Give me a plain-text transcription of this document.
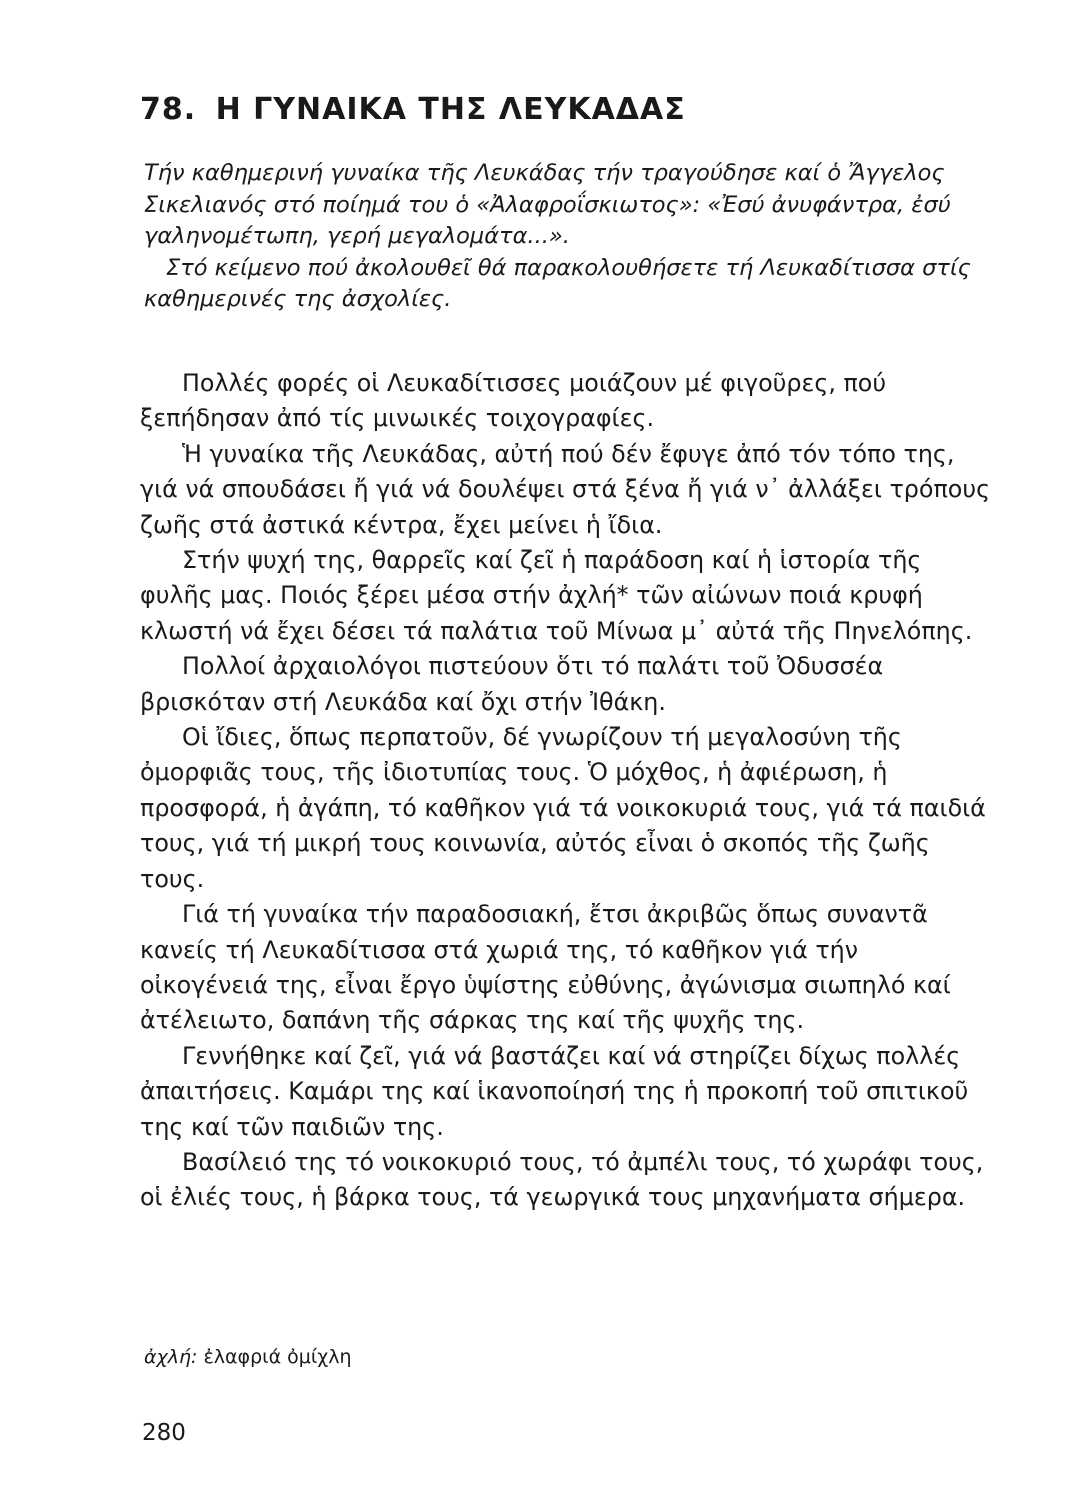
78. Η ΓΥΝΑΙΚΑ ΤΗΣ ΛΕΥΚΑΔΑΣ

Τήν καθημερινή γυναίκα τῆς Λευκάδας τήν τραγούδησε καί ὁ Ἄγγελος Σικελιανός στό ποίημά του ὁ «Ἀλαφροΐσκιωτος»: «Ἐσύ ἀνυφάντρα, ἐσύ γαληνομέτωπη, γερή μεγαλομάτα...».

Στό κείμενο πού ἀκολουθεῖ θά παρακολουθήσετε τή Λευκαδίτισσα στίς καθημερινές της ἀσχολίες.

Πολλές φορές οἱ Λευκαδίτισσες μοιάζουν μέ φιγοῦρες, πού ξεπήδησαν ἀπό τίς μινωικές τοιχογραφίες.

Ἡ γυναίκα τῆς Λευκάδας, αὐτή πού δέν ἔφυγε ἀπό τόν τόπο της, γιά νά σπουδάσει ἤ γιά νά δουλέψει στά ξένα ἤ γιά ν᾽ ἀλλάξει τρόπους ζωῆς στά ἀστικά κέντρα, ἔχει μείνει ἡ ἴδια.

Στήν ψυχή της, θαρρεῖς καί ζεῖ ἡ παράδοση καί ἡ ἱστορία τῆς φυλῆς μας. Ποιός ξέρει μέσα στήν ἀχλή* τῶν αἰώνων ποιά κρυφή κλωστή νά ἔχει δέσει τά παλάτια τοῦ Μίνωα μ᾽ αὐτά τῆς Πηνελόπης.

Πολλοί ἀρχαιολόγοι πιστεύουν ὅτι τό παλάτι τοῦ Ὀδυσσέα βρισκόταν στή Λευκάδα καί ὄχι στήν Ἰθάκη.

Οἱ ἴδιες, ὅπως περπατοῦν, δέ γνωρίζουν τή μεγαλοσύνη τῆς ὀμορφιᾶς τους, τῆς ἰδιοτυπίας τους. Ὁ μόχθος, ἡ ἀφιέρωση, ἡ προσφορά, ἡ ἀγάπη, τό καθῆκον γιά τά νοικοκυριά τους, γιά τά παιδιά τους, γιά τή μικρή τους κοινωνία, αὐτός εἶναι ὁ σκοπός τῆς ζωῆς τους.

Γιά τή γυναίκα τήν παραδοσιακή, ἔτσι ἀκριβῶς ὅπως συναντᾶ κανείς τή Λευκαδίτισσα στά χωριά της, τό καθῆκον γιά τήν οἰκογένειά της, εἶναι ἔργο ὑψίστης εὐθύνης, ἀγώνισμα σιωπηλό καί ἀτέλειωτο, δαπάνη τῆς σάρκας της καί τῆς ψυχῆς της.

Γεννήθηκε καί ζεῖ, γιά νά βαστάζει καί νά στηρίζει δίχως πολλές ἀπαιτήσεις. Καμάρι της καί ἱκανοποίησή της ἡ προκοπή τοῦ σπιτικοῦ της καί τῶν παιδιῶν της.

Βασίλειό της τό νοικοκυριό τους, τό ἀμπέλι τους, τό χωράφι τους, οἱ ἐλιές τους, ἡ βάρκα τους, τά γεωργικά τους μηχανήματα σήμερα.

ἀχλή: ἐλαφριά ὀμίχλη

280
